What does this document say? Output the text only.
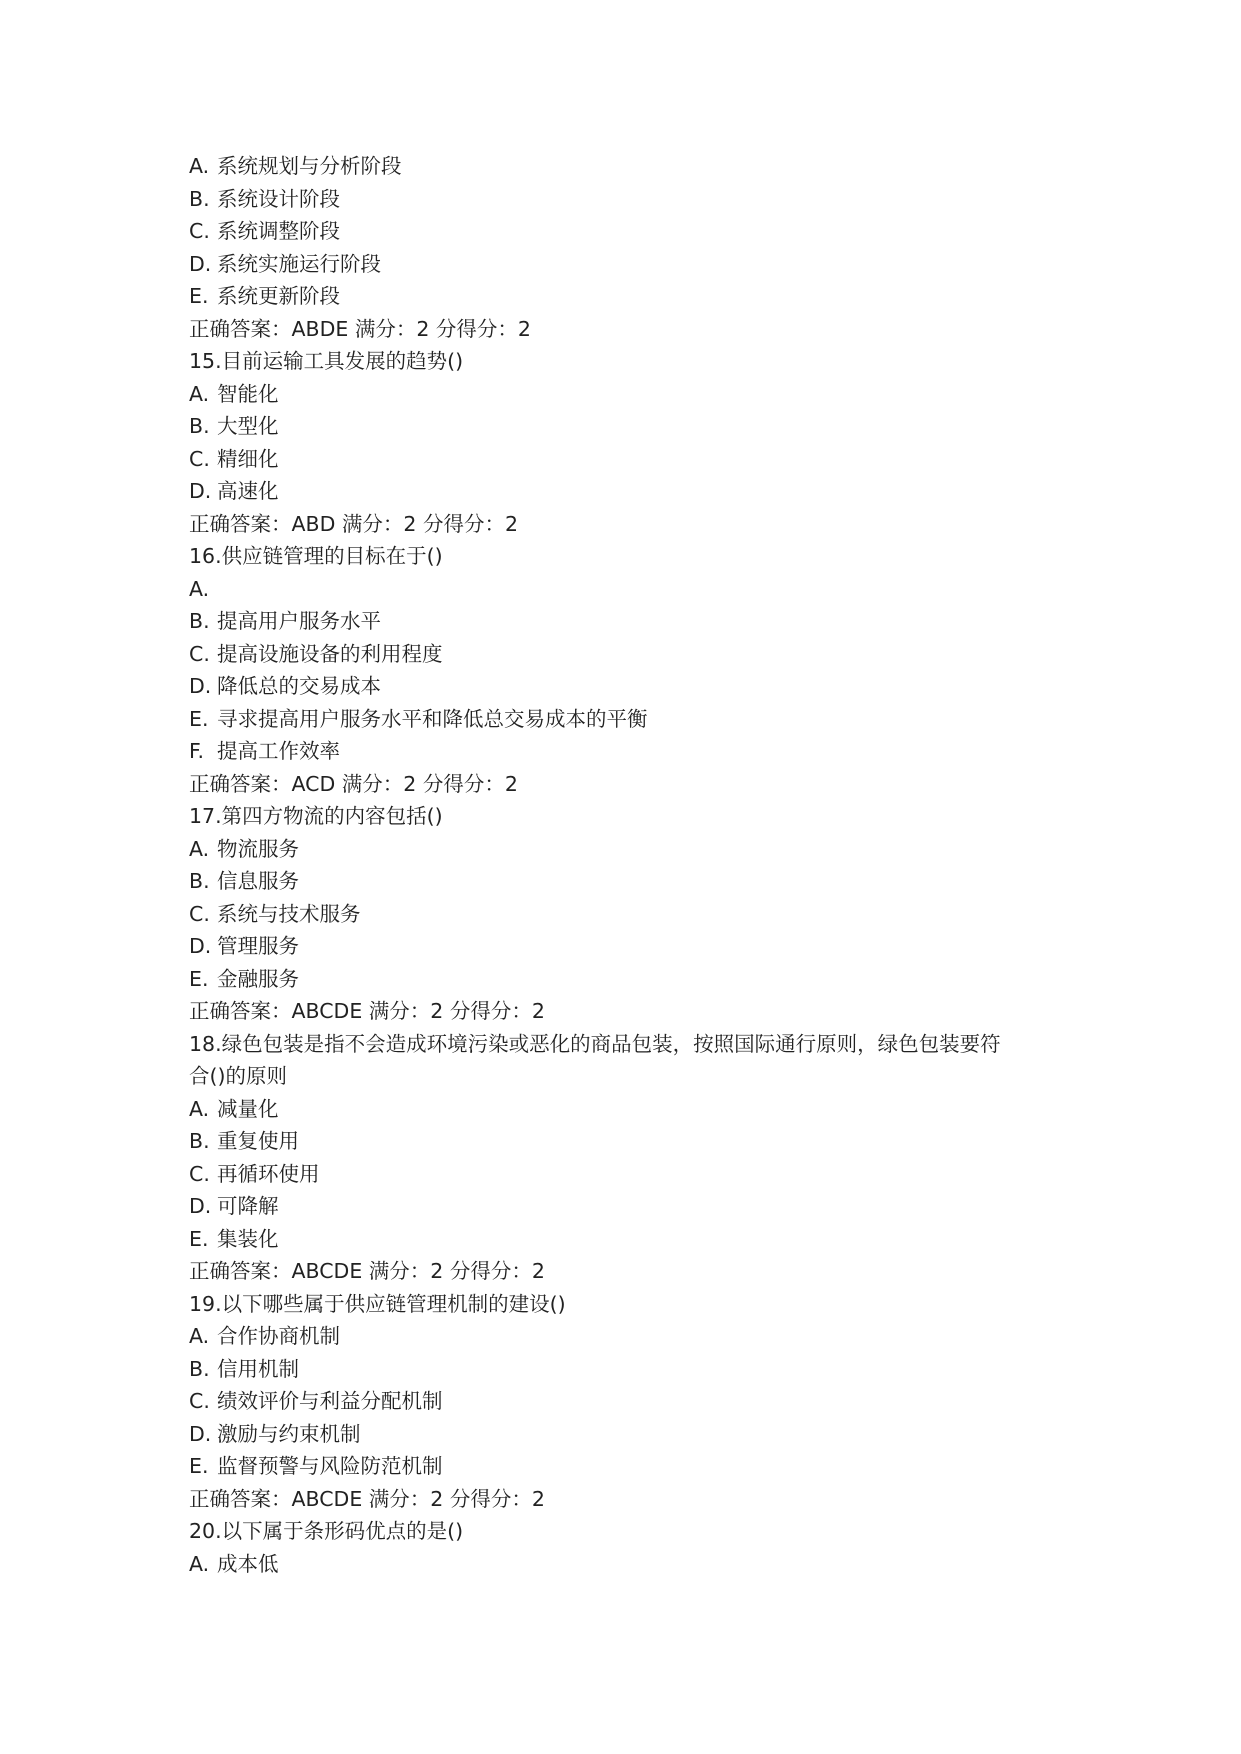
A. 系统规划与分析阶段
B. 系统设计阶段
C. 系统调整阶段
D. 系统实施运行阶段
E. 系统更新阶段
正确答案：ABDE 满分：2 分得分：2
15.目前运输工具发展的趋势()
A. 智能化
B. 大型化
C. 精细化
D. 高速化
正确答案：ABD 满分：2 分得分：2
16.供应链管理的目标在于()
A.
B. 提高用户服务水平
C. 提高设施设备的利用程度
D. 降低总的交易成本
E. 寻求提高用户服务水平和降低总交易成本的平衡
F. 提高工作效率
正确答案：ACD 满分：2 分得分：2
17.第四方物流的内容包括()
A. 物流服务
B. 信息服务
C. 系统与技术服务
D. 管理服务
E. 金融服务
正确答案：ABCDE 满分：2 分得分：2
18.绿色包装是指不会造成环境污染或恶化的商品包装，按照国际通行原则，绿色包装要符
合()的原则
A. 减量化
B. 重复使用
C. 再循环使用
D. 可降解
E. 集装化
正确答案：ABCDE 满分：2 分得分：2
19.以下哪些属于供应链管理机制的建设()
A. 合作协商机制
B. 信用机制
C. 绩效评价与利益分配机制
D. 激励与约束机制
E. 监督预警与风险防范机制
正确答案：ABCDE 满分：2 分得分：2
20.以下属于条形码优点的是()
A. 成本低
